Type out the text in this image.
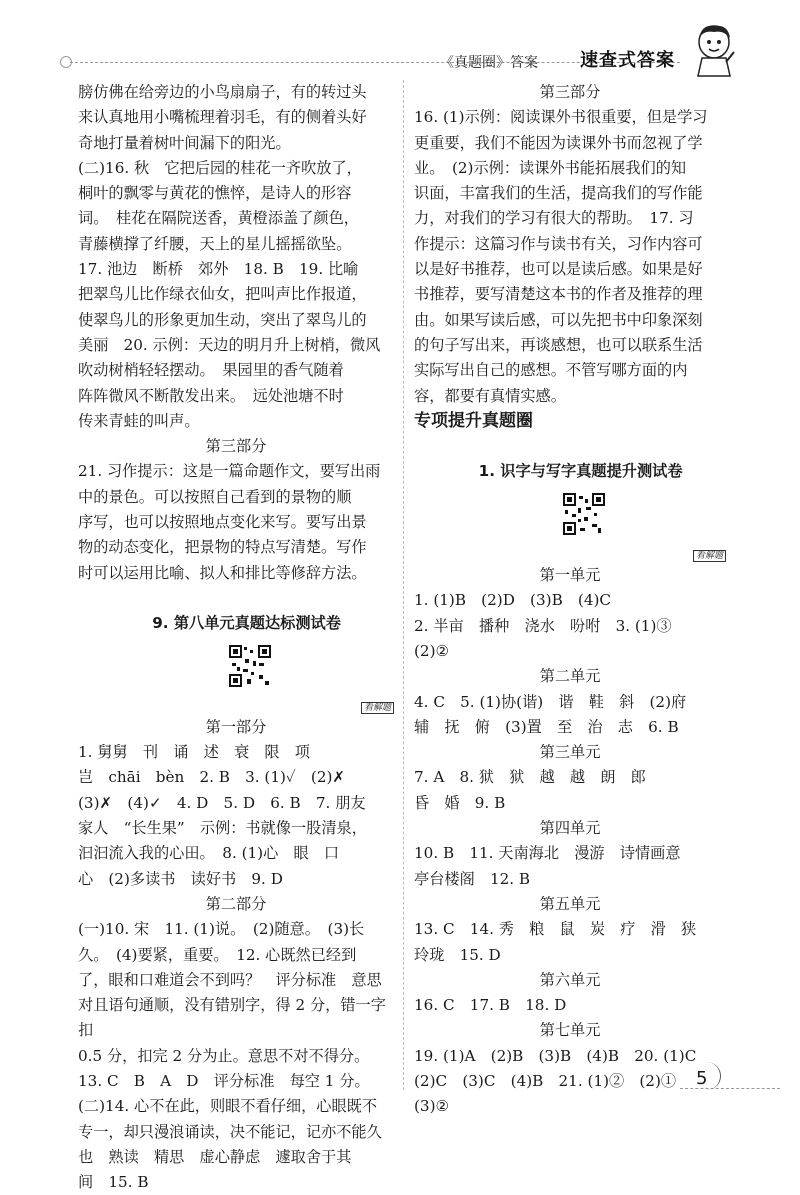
《真题圈》答案 速查式答案

膀仿佛在给旁边的小鸟扇扇子，有的转过头

来认真地用小嘴梳理着羽毛，有的侧着头好

奇地打量着树叶间漏下的阳光。

(二)16. 秋　它把后园的桂花一齐吹放了，

桐叶的飘零与黄花的憔悴，是诗人的形容

词。　桂花在隔院送香，黄橙添盖了颜色，

青藤横撑了纤腰，天上的星儿摇摇欲坠。

17. 池边　断桥　郊外　18. B　19. 比喻

把翠鸟儿比作绿衣仙女，把叫声比作报道，

使翠鸟儿的形象更加生动，突出了翠鸟儿的

美丽　20. 示例：天边的明月升上树梢，微风

吹动树梢轻轻摆动。　果园里的香气随着

阵阵微风不断散发出来。　远处池塘不时

传来青蛙的叫声。

第三部分

21. 习作提示：这是一篇命题作文，要写出雨

中的景色。可以按照自己看到的景物的顺

序写，也可以按照地点变化来写。要写出景

物的动态变化，把景物的特点写清楚。写作

时可以运用比喻、拟人和排比等修辞方法。

9. 第八单元真题达标测试卷

看解题

第一部分

1. 舅舅　刊　诵　述　衰　限　项

岂　chāi　bèn　2. B　3. (1)✓　(2)✗

(3)✗　(4)✓　4. D　5. D　6. B　7. 朋友

家人　“长生果”　示例：书就像一股清泉，

汩汩流入我的心田。　8. (1)心　眼　口

心　(2)多读书　读好书　9. D

第二部分

(一)10. 宋　11. (1)说。　(2)随意。　(3)长

久。　(4)要紧，重要。　12. 心既然已经到

了，眼和口难道会不到吗？　评分标准　意思

对且语句通顺，没有错别字，得 2 分，错一字扣

0.5 分，扣完 2 分为止。意思不对不得分。

13. C　B　A　D　评分标准　每空 1 分。

(二)14. 心不在此，则眼不看仔细，心眼既不

专一，却只漫浪诵读，决不能记，记亦不能久

也　熟读　精思　虚心静虑　遽取舍于其

间　15. B

第三部分

16. (1)示例：阅读课外书很重要，但是学习

更重要，我们不能因为读课外书而忽视了学

业。　(2)示例：读课外书能拓展我们的知

识面，丰富我们的生活，提高我们的写作能

力，对我们的学习有很大的帮助。　17. 习

作提示：这篇习作与读书有关，习作内容可

以是好书推荐，也可以是读后感。如果是好

书推荐，要写清楚这本书的作者及推荐的理

由。如果写读后感，可以先把书中印象深刻

的句子写出来，再谈感想，也可以联系生活

实际写出自己的感想。不管写哪方面的内

容，都要有真情实感。

专项提升真题圈

1. 识字与写字真题提升测试卷

看解题

第一单元

1. (1)B　(2)D　(3)B　(4)C

2. 半亩　播种　浇水　吩咐　3. (1)③

(2)②

第二单元

4. C　5. (1)协(谐)　谐　鞋　斜　(2)府

辅　抚　俯　(3)置　至　治　志　6. B

第三单元

7. A　8. 狱　狱　越　越　朗　郎

昏　婚　9. B

第四单元

10. B　11. 天南海北　漫游　诗情画意

亭台楼阁　12. B

第五单元

13. C　14. 秀　粮　鼠　炭　疗　滑　狭

玲珑　15. D

第六单元

16. C　17. B　18. D

第七单元

19. (1)A　(2)B　(3)B　(4)B　20. (1)C

(2)C　(3)C　(4)B　21. (1)②　(2)①

(3)②

5
